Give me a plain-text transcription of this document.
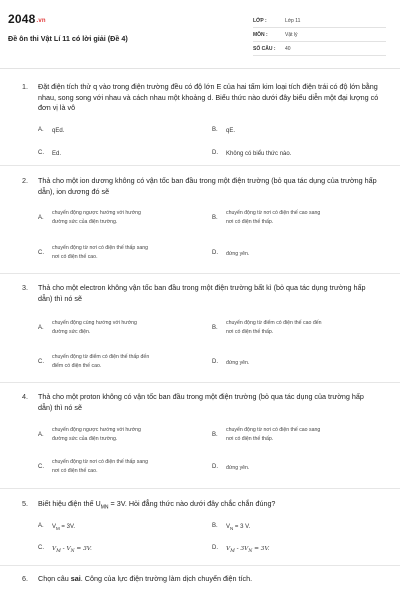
2048.vn
Đề ôn thi Vật Lí 11 có lời giải (Đề 4)
LỚP :	Lớp 11
MÔN :	Vật lý
SỐ CÂU :	40
1. Đặt điện tích thử q vào trong điện trường đều có độ lớn E của hai tấm kim loại tích điện trái có độ lớn bằng nhau, song song với nhau và cách nhau một khoảng d. Biểu thức nào dưới đây biểu diễn một đại lượng có đơn vị là vô
A. qEd.	B. qE.
C. Ed.	D. Không có biểu thức nào.
2. Thả cho một ion dương không có vận tốc ban đầu trong một điện trường (bỏ qua tác dụng của trường hấp dẫn), ion dương đó sẽ
A.
chuyển động ngược hướng với hướng
đường sức của điện trường.
B.
chuyển động từ nơi có điện thế cao sang
nơi có điện thế thấp.
C.
chuyển động từ nơi có điện thế thấp sang
nơi có điện thế cao.
D. đứng yên.
3. Thả cho một electron không vận tốc ban đầu trong một điện trường bất kì (bỏ qua tác dụng trường hấp dẫn) thì nó sẽ
A.
chuyển động cùng hướng với hướng
đường sức điện.
B.
chuyển động từ điểm có điện thế cao đến
nơi có điện thế thấp.
C.
chuyển động từ điểm có điện thế thấp đến
điểm có điện thế cao.
D. đứng yên.
4. Thả cho một proton không có vận tốc ban đầu trong một điện trường (bỏ qua tác dụng của trường hấp dẫn) thì nó sẽ
A.
chuyển động ngược hướng với hướng
đường sức của điện trường.
B.
chuyển động từ nơi có điện thế cao sang
nơi có điện thế thấp.
C.
chuyển động từ nơi có điện thế thấp sang
nơi có điện thế cao.
D. đứng yên.
5. Biết hiệu điện thế $U_{MN} = 3V$. Hỏi đẳng thức nào dưới đây chắc chắn đúng?
A. $V_M = 3V$.	B. $V_N = 3$ V.
C. $V_M - V_N = 3V$.	D. $V_M - 3V_N = 3V$.
6. Chọn câu sai. Công của lực điện trường làm dịch chuyển điện tích.
